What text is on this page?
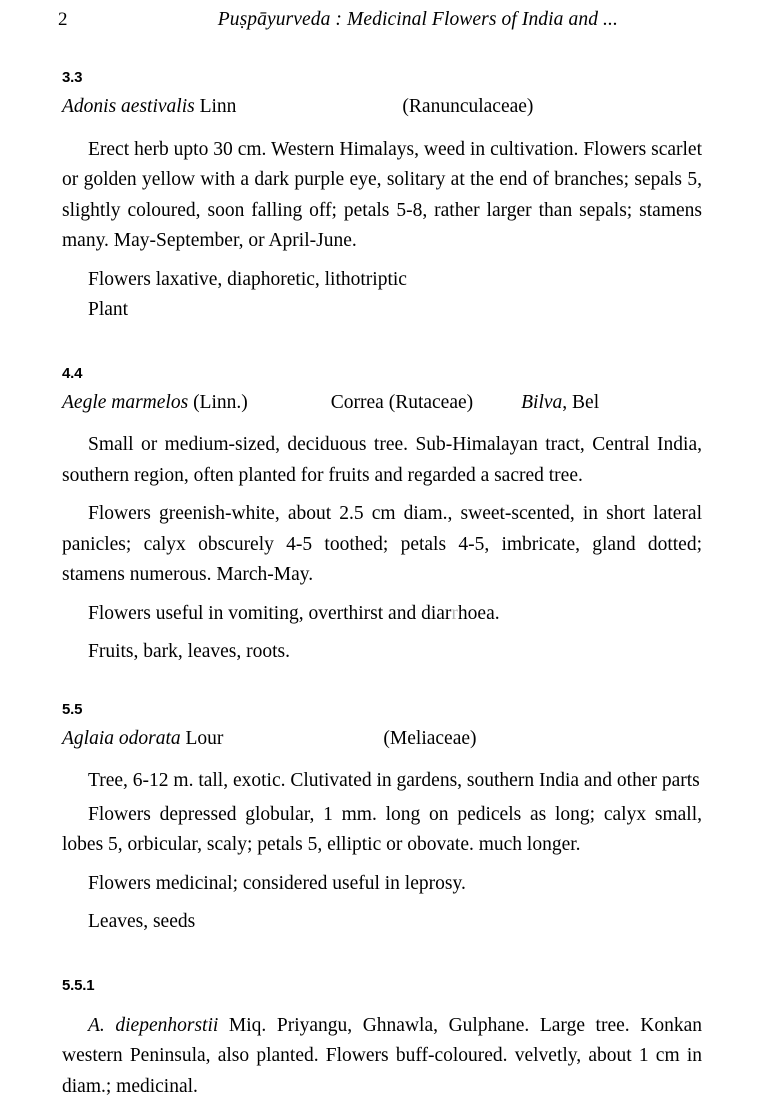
2	Puṣpāyurveda : Medicinal Flowers of India and ...
3.3
Adonis aestivalis Linn	(Ranunculaceae)

Erect herb upto 30 cm. Western Himalays, weed in cultivation. Flowers scarlet or golden yellow with a dark purple eye, solitary at the end of branches; sepals 5, slightly coloured, soon falling off; petals 5-8, rather larger than sepals; stamens many. May-September, or April-June.

Flowers laxative, diaphoretic, lithotriptic

Plant

4.4
Aegle marmelos (Linn.)	Correa (Rutaceae) Bilva, Bel

Small or medium-sized, deciduous tree. Sub-Himalayan tract, Central India, southern region, often planted for fruits and regarded a sacred tree.

Flowers greenish-white, about 2.5 cm diam., sweet-scented, in short lateral panicles; calyx obscurely 4-5 toothed; petals 4-5, imbricate, gland dotted; stamens numerous. March-May.

Flowers useful in vomiting, overthirst and diarrhoea.

Fruits, bark, leaves, roots.

5.5
Aglaia odorata Lour	(Meliaceae)

Tree, 6-12 m. tall, exotic. Clutivated in gardens, southern India and other parts

Flowers depressed globular, 1 mm. long on pedicels as long; calyx small, lobes 5, orbicular, scaly; petals 5, elliptic or obovate. much longer.

Flowers medicinal; considered useful in leprosy.

Leaves, seeds

5.5.1

A. diepenhorstii Miq. Priyangu, Ghnawla, Gulphane. Large tree. Konkan western Peninsula, also planted. Flowers buff-coloured. velvetly, about 1 cm in diam.; medicinal.
